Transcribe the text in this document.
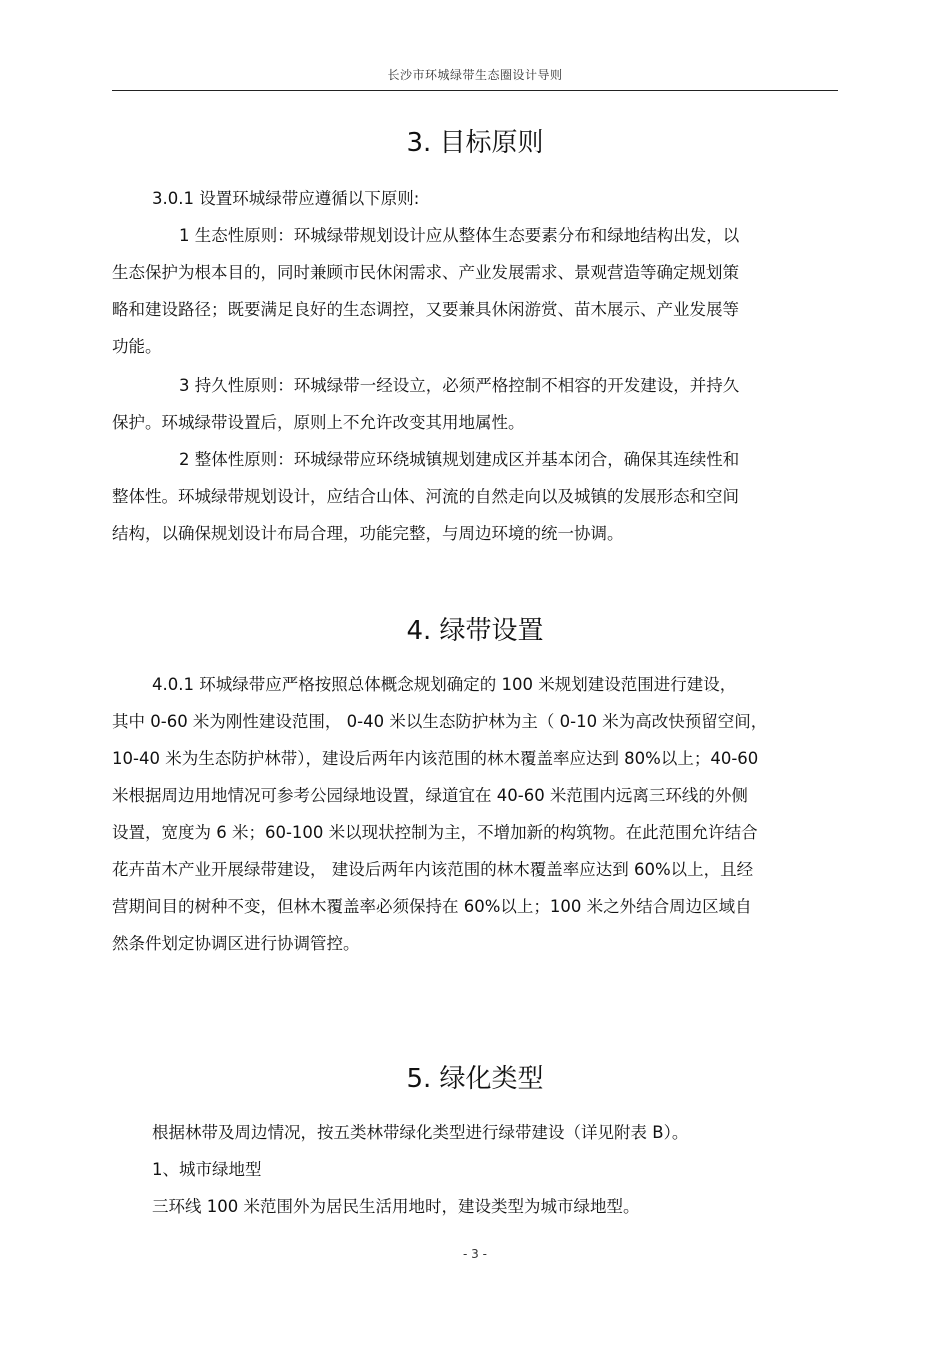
长沙市环城绿带生态圈设计导则
3. 目标原则

3.0.1 设置环城绿带应遵循以下原则:

1 生态性原则：环城绿带规划设计应从整体生态要素分布和绿地结构出发，以
生态保护为根本目的，同时兼顾市民休闲需求、产业发展需求、景观营造等确定规划策
略和建设路径；既要满足良好的生态调控，又要兼具休闲游赏、苗木展示、产业发展等
功能。

3 持久性原则：环城绿带一经设立，必须严格控制不相容的开发建设，并持久
保护。环城绿带设置后，原则上不允许改变其用地属性。

2 整体性原则：环城绿带应环绕城镇规划建成区并基本闭合，确保其连续性和
整体性。环城绿带规划设计，应结合山体、河流的自然走向以及城镇的发展形态和空间
结构，以确保规划设计布局合理，功能完整，与周边环境的统一协调。

4. 绿带设置

4.0.1 环城绿带应严格按照总体概念规划确定的 100 米规划建设范围进行建设，
其中 0-60 米为刚性建设范围， 0-40 米以生态防护林为主（ 0-10 米为高改快预留空间，
10-40 米为生态防护林带），建设后两年内该范围的林木覆盖率应达到 80%以上；40-60
米根据周边用地情况可参考公园绿地设置，绿道宜在 40-60 米范围内远离三环线的外侧
设置，宽度为 6 米；60-100 米以现状控制为主，不增加新的构筑物。在此范围允许结合
花卉苗木产业开展绿带建设， 建设后两年内该范围的林木覆盖率应达到 60%以上，且经
营期间目的树种不变，但林木覆盖率必须保持在 60%以上；100 米之外结合周边区域自
然条件划定协调区进行协调管控。

5. 绿化类型

根据林带及周边情况，按五类林带绿化类型进行绿带建设（详见附表 B）。

1、城市绿地型

三环线 100 米范围外为居民生活用地时，建设类型为城市绿地型。

- 3 -
